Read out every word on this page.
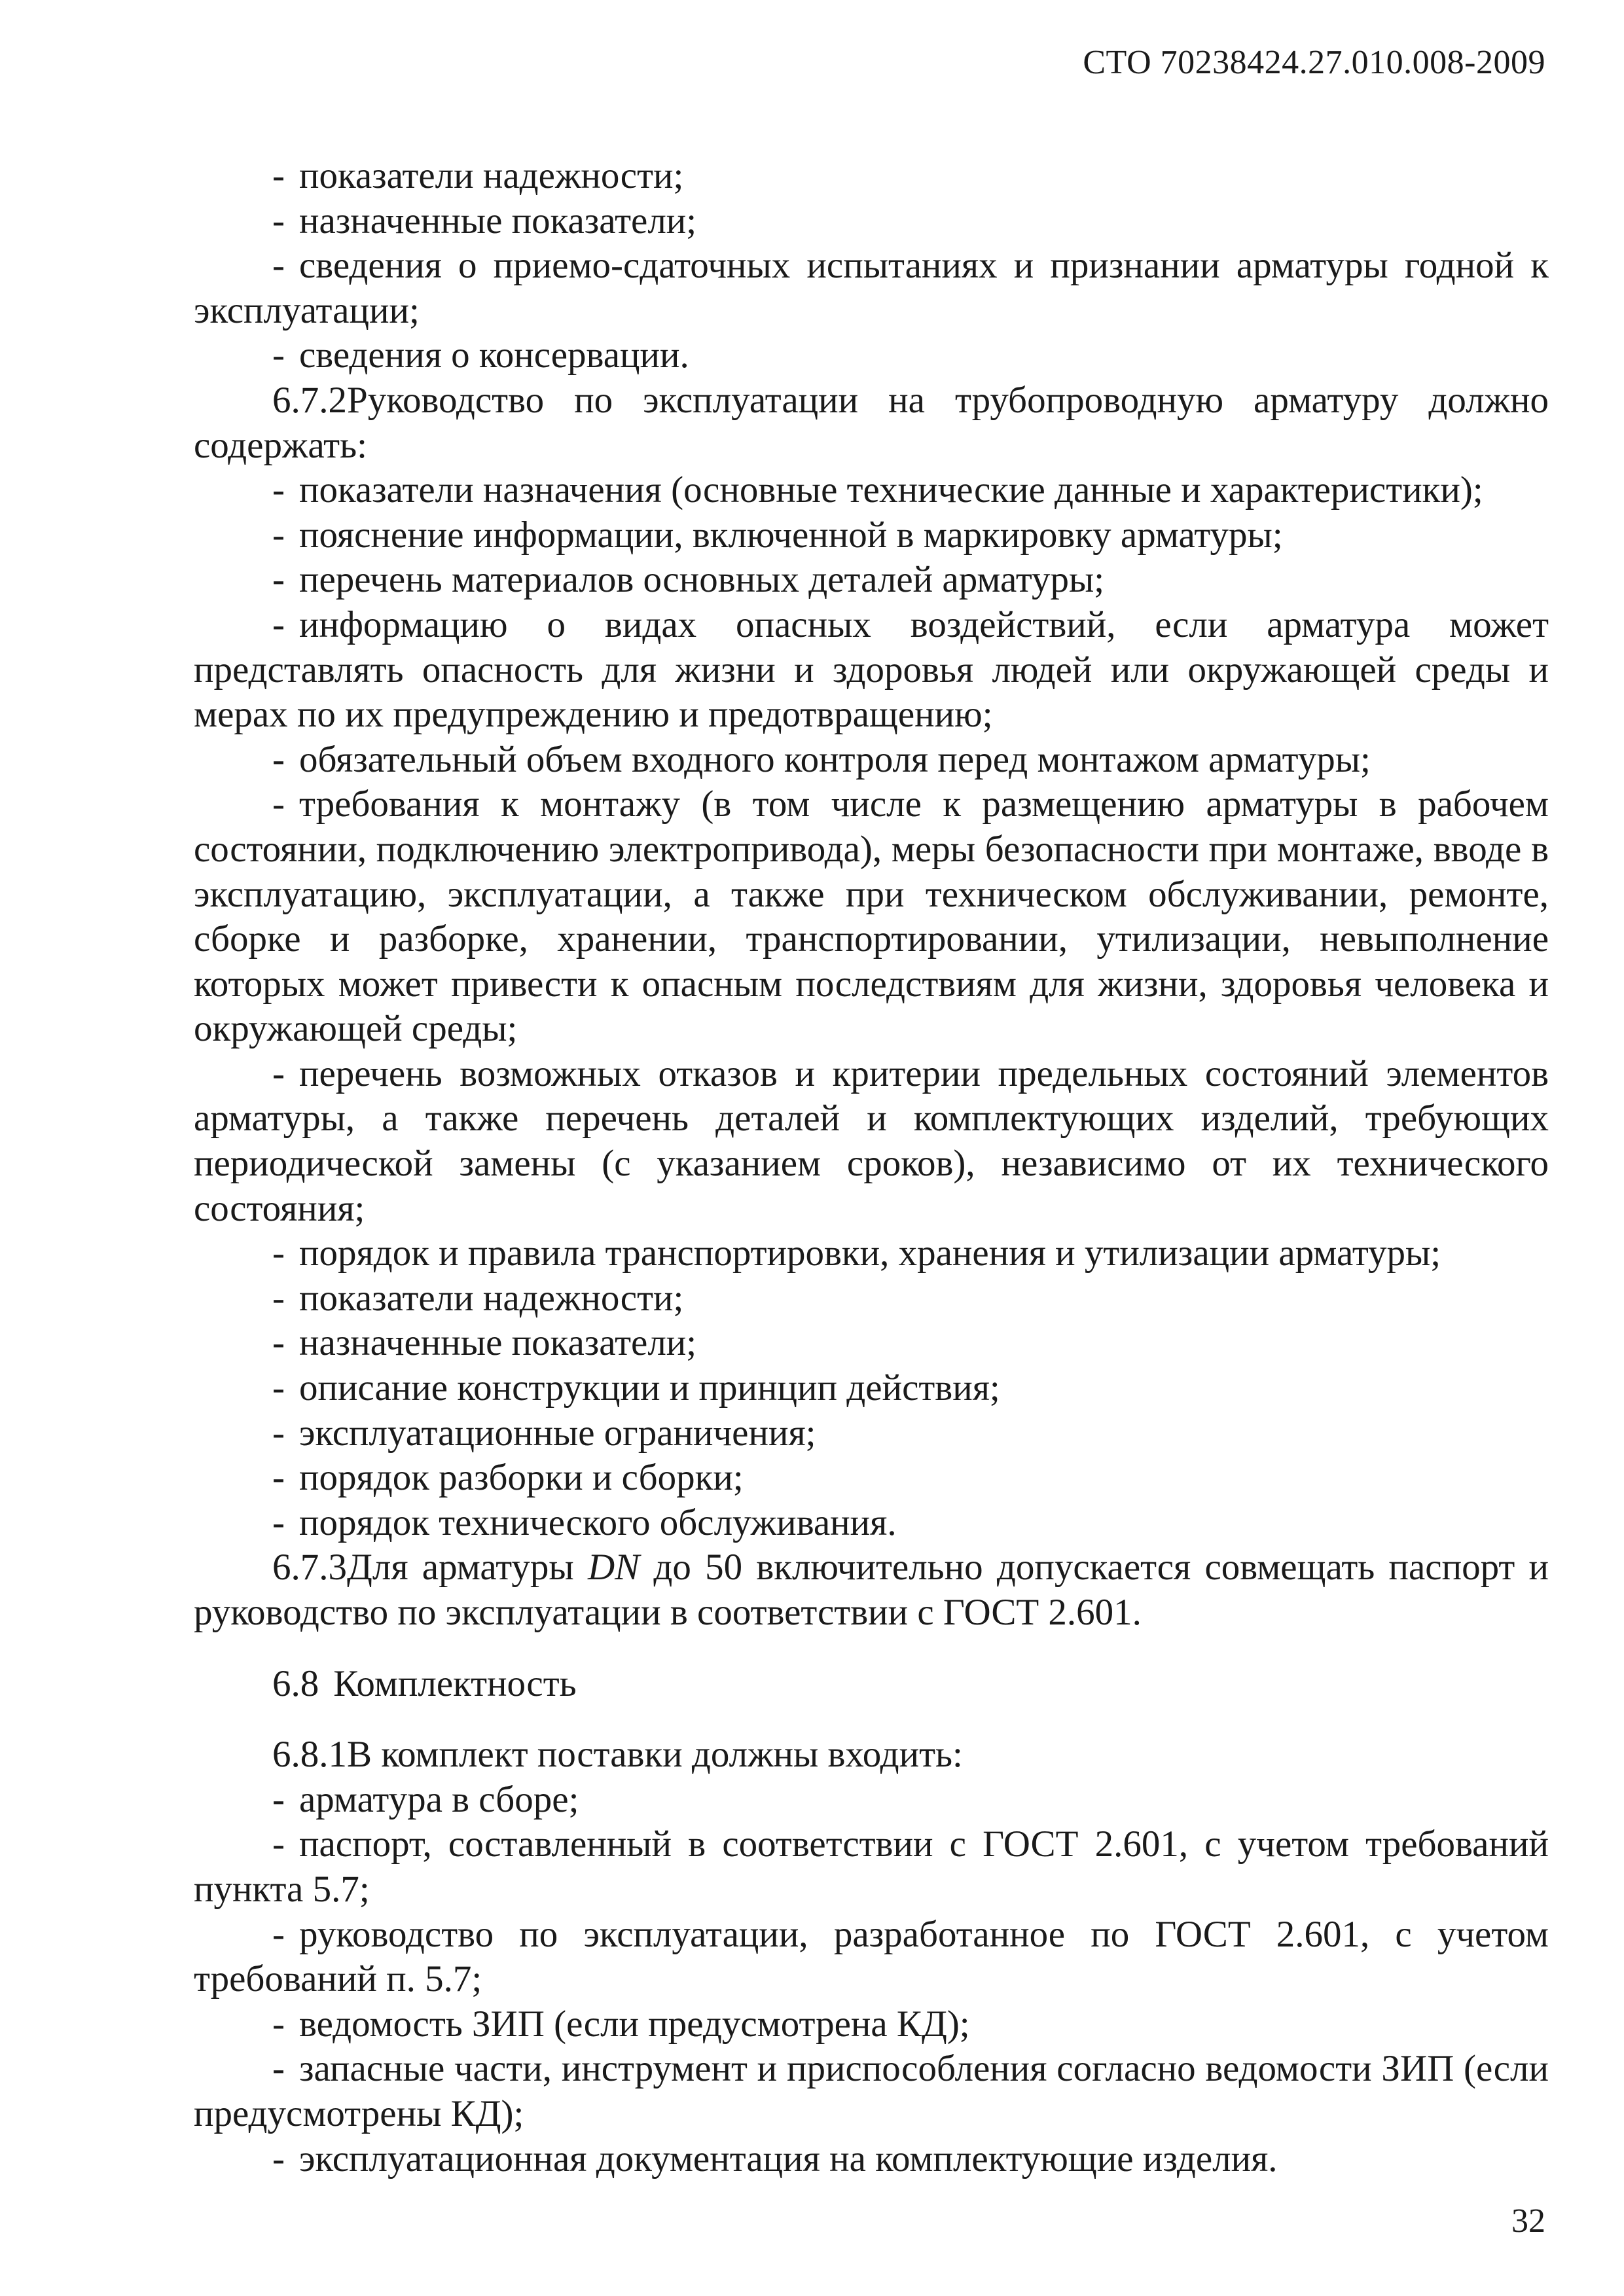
СТО 70238424.27.010.008-2009

- показатели надежности;

- назначенные показатели;

- сведения о приемо-сдаточных испытаниях и признании арматуры годной к эксплуатации;

- сведения о консервации.

6.7.2Руководство по эксплуатации на трубопроводную арматуру должно содержать:

- показатели назначения (основные технические данные и характеристики);

- пояснение информации, включенной в маркировку арматуры;

- перечень материалов основных деталей арматуры;

- информацию о видах опасных воздействий, если арматура может представлять опасность для жизни и здоровья людей или окружающей среды и мерах по их предупреждению и предотвращению;

- обязательный объем входного контроля перед монтажом арматуры;

- требования к монтажу (в том числе к размещению арматуры в рабочем состоянии, подключению электропривода), меры безопасности при монтаже, вводе в эксплуатацию, эксплуатации, а также при техническом обслуживании, ремонте, сборке и разборке, хранении, транспортировании, утилизации, невыполнение которых может привести к опасным последствиям для жизни, здоровья человека и окружающей среды;

- перечень возможных отказов и критерии предельных состояний элементов арматуры, а также перечень деталей и комплектующих изделий, требующих периодической замены (с указанием сроков), независимо от их технического состояния;

- порядок и правила транспортировки, хранения и утилизации арматуры;

- показатели надежности;

- назначенные показатели;

- описание конструкции и принцип действия;

- эксплуатационные ограничения;

- порядок разборки и сборки;

- порядок технического обслуживания.

6.7.3Для арматуры DN до 50 включительно допускается совмещать паспорт и руководство по эксплуатации в соответствии с ГОСТ 2.601.

6.8 Комплектность

6.8.1В комплект поставки должны входить:

- арматура в сборе;

- паспорт, составленный в соответствии с ГОСТ 2.601, с учетом требований пункта 5.7;

- руководство по эксплуатации, разработанное по ГОСТ 2.601, с учетом требований п. 5.7;

- ведомость ЗИП (если предусмотрена КД);

- запасные части, инструмент и приспособления согласно ведомости ЗИП (если предусмотрены КД);

- эксплуатационная документация на комплектующие изделия.

32
